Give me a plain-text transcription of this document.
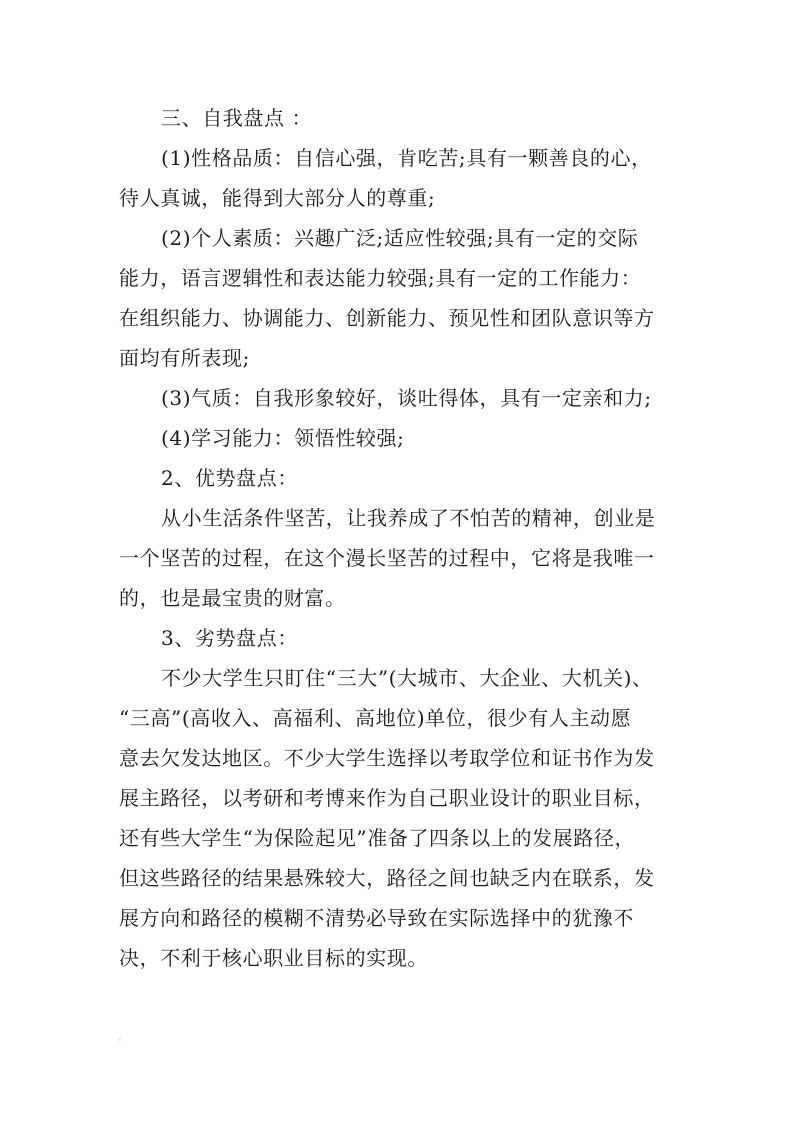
三、自我盘点 ：
(1)性格品质：自信心强，肯吃苦;具有一颗善良的心，
待人真诚，能得到大部分人的尊重;
(2)个人素质：兴趣广泛;适应性较强;具有一定的交际
能力，语言逻辑性和表达能力较强;具有一定的工作能力：
在组织能力、协调能力、创新能力、预见性和团队意识等方
面均有所表现;
(3)气质：自我形象较好，谈吐得体，具有一定亲和力;
(4)学习能力：领悟性较强;
2、优势盘点：
从小生活条件坚苦，让我养成了不怕苦的精神，创业是
一个坚苦的过程，在这个漫长坚苦的过程中，它将是我唯一
的，也是最宝贵的财富。
3、劣势盘点：
不少大学生只盯住“三大”(大城市、大企业、大机关)、
“三高”(高收入、高福利、高地位)单位，很少有人主动愿
意去欠发达地区。不少大学生选择以考取学位和证书作为发
展主路径，以考研和考博来作为自己职业设计的职业目标，
还有些大学生“为保险起见”准备了四条以上的发展路径，
但这些路径的结果悬殊较大，路径之间也缺乏内在联系，发
展方向和路径的模糊不清势必导致在实际选择中的犹豫不
决，不利于核心职业目标的实现。
